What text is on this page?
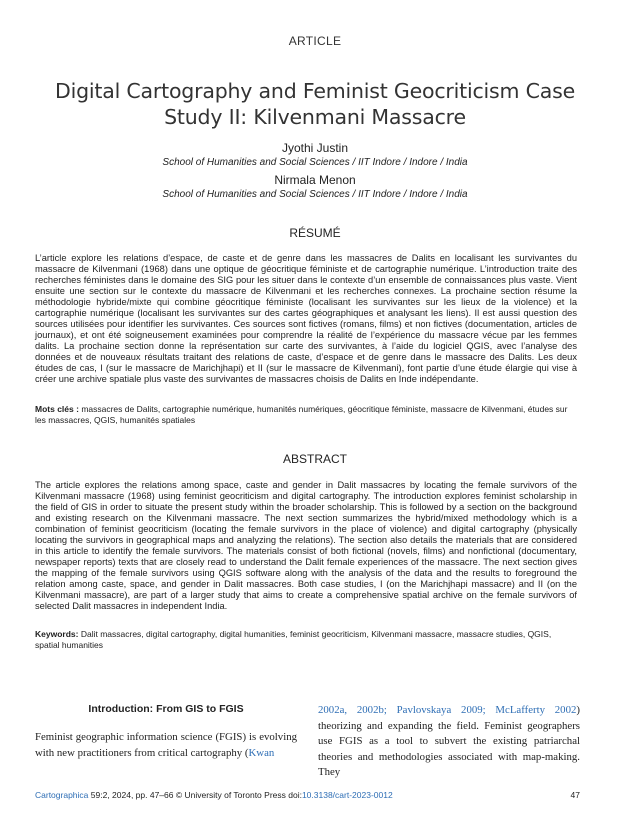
ARTICLE
Digital Cartography and Feminist Geocriticism Case
Study II: Kilvenmani Massacre
Jyothi Justin
School of Humanities and Social Sciences / IIT Indore / Indore / India
Nirmala Menon
School of Humanities and Social Sciences / IIT Indore / Indore / India
RÉSUMÉ
L’article explore les relations d’espace, de caste et de genre dans les massacres de Dalits en localisant les survivantes du massacre de Kilvenmani (1968) dans une optique de géocritique féministe et de cartographie numérique. L’introduction traite des recherches féministes dans le domaine des SIG pour les situer dans le contexte d’un ensemble de connaissances plus vaste. Vient ensuite une section sur le contexte du massacre de Kilvenmani et les recherches connexes. La prochaine section résume la méthodologie hybride/mixte qui combine géocritique féministe (localisant les survivantes sur les lieux de la violence) et la cartographie numérique (localisant les survivantes sur des cartes géographiques et analysant les liens). Il est aussi question des sources utilisées pour identifier les survivantes. Ces sources sont fictives (romans, films) et non fictives (documentation, articles de journaux), et ont été soigneusement examinées pour comprendre la réalité de l’expérience du massacre vécue par les femmes dalits. La prochaine section donne la représentation sur carte des survivantes, à l’aide du logiciel QGIS, avec l’analyse des données et de nouveaux résultats traitant des relations de caste, d’espace et de genre dans le massacre des Dalits. Les deux études de cas, I (sur le massacre de Marichjhapi) et II (sur le massacre de Kilvenmani), font partie d’une étude élargie qui vise à créer une archive spatiale plus vaste des survivantes de massacres choisis de Dalits en Inde indépendante.
Mots clés : massacres de Dalits, cartographie numérique, humanités numériques, géocritique féministe, massacre de Kilvenmani, études sur les massacres, QGIS, humanités spatiales
ABSTRACT
The article explores the relations among space, caste and gender in Dalit massacres by locating the female survivors of the Kilvenmani massacre (1968) using feminist geocriticism and digital cartography. The introduction explores feminist scholarship in the field of GIS in order to situate the present study within the broader scholarship. This is followed by a section on the background and existing research on the Kilvenmani massacre. The next section summarizes the hybrid/mixed methodology which is a combination of feminist geocriticism (locating the female survivors in the place of violence) and digital cartography (physically locating the survivors in geographical maps and analyzing the relations). The section also details the materials that are considered in this article to identify the female survivors. The materials consist of both fictional (novels, films) and nonfictional (documentary, newspaper reports) texts that are closely read to understand the Dalit female experiences of the massacre. The next section gives the mapping of the female survivors using QGIS software along with the analysis of the data and the results to foreground the relation among caste, space, and gender in Dalit massacres. Both case studies, I (on the Marichjhapi massacre) and II (on the Kilvenmani massacre), are part of a larger study that aims to create a comprehensive spatial archive on the female survivors of selected Dalit massacres in independent India.
Keywords: Dalit massacres, digital cartography, digital humanities, feminist geocriticism, Kilvenmani massacre, massacre studies, QGIS, spatial humanities
Introduction: From GIS to FGIS
Feminist geographic information science (FGIS) is evolving with new practitioners from critical cartography (Kwan
2002a, 2002b; Pavlovskaya 2009; McLafferty 2002) theorizing and expanding the field. Feminist geographers use FGIS as a tool to subvert the existing patriarchal theories and methodologies associated with map-making. They
Cartographica 59:2, 2024, pp. 47–66 © University of Toronto Press doi:10.3138/cart-2023-0012	47
